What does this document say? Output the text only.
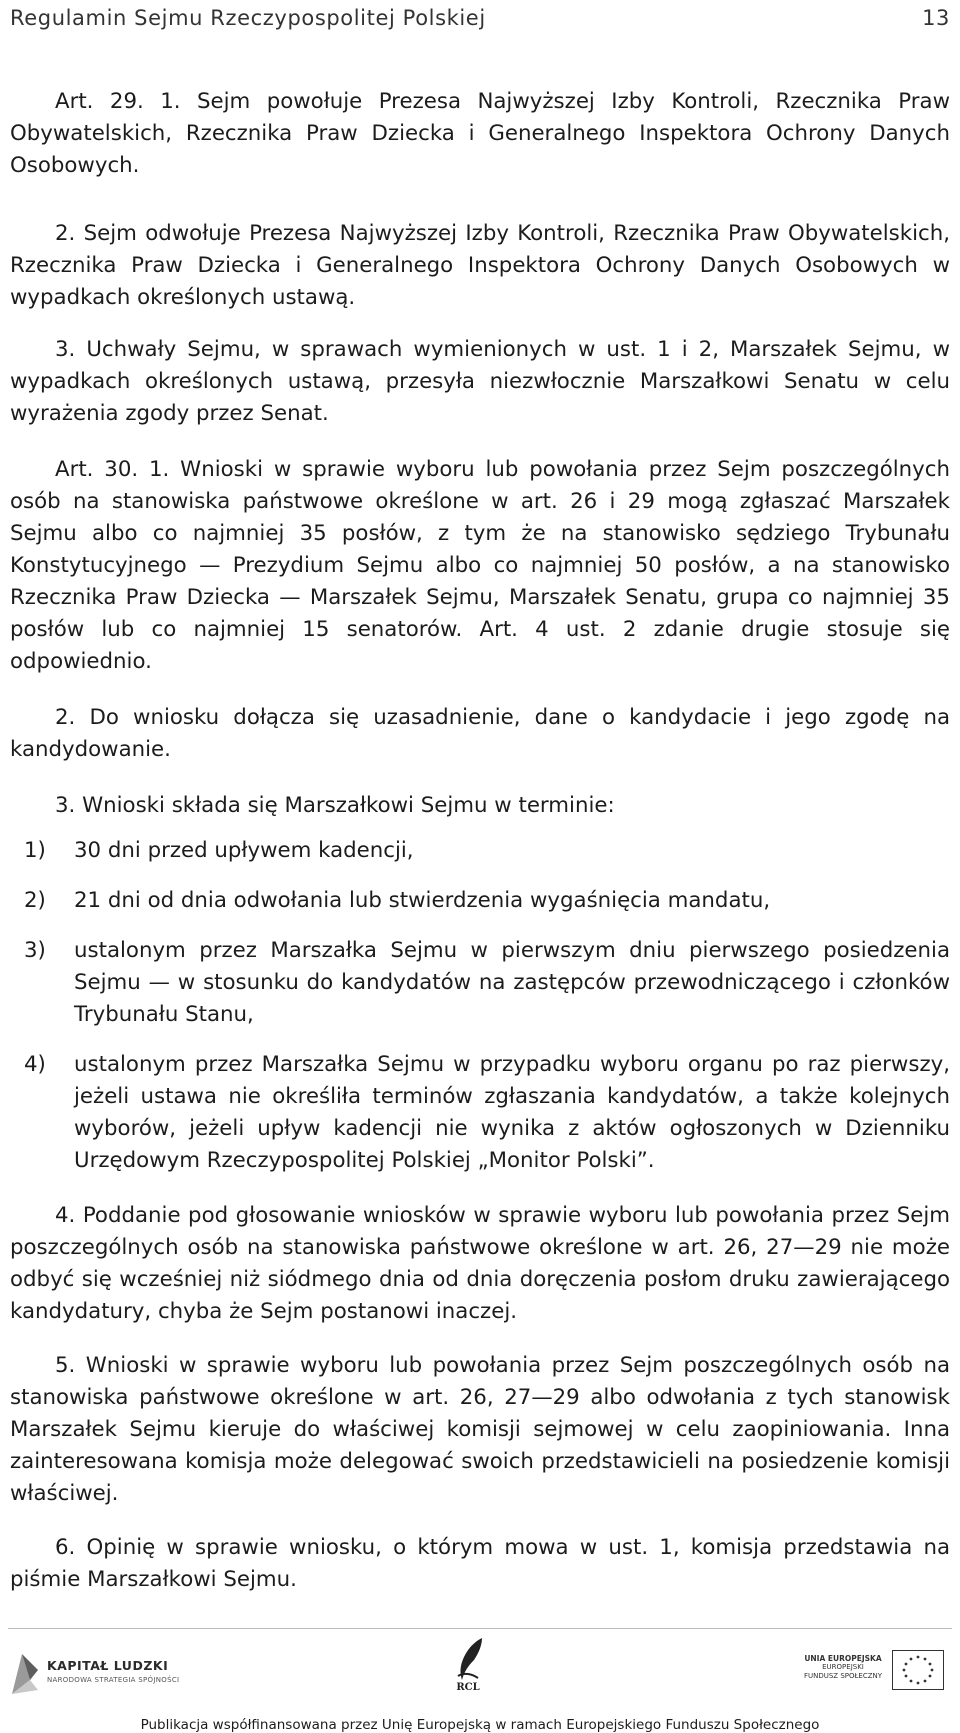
Regulamin Sejmu Rzeczypospolitej Polskiej	13

Art. 29. 1. Sejm powołuje Prezesa Najwyższej Izby Kontroli, Rzecznika Praw Obywatelskich, Rzecznika Praw Dziecka i Generalnego Inspektora Ochrony Danych Osobowych.

2. Sejm odwołuje Prezesa Najwyższej Izby Kontroli, Rzecznika Praw Obywatelskich, Rzecznika Praw Dziecka i Generalnego Inspektora Ochrony Danych Osobowych w wypadkach określonych ustawą.

3. Uchwały Sejmu, w sprawach wymienionych w ust. 1 i 2, Marszałek Sejmu, w wypadkach określonych ustawą, przesyła niezwłocznie Marszałkowi Senatu w celu wyrażenia zgody przez Senat.

Art. 30. 1. Wnioski w sprawie wyboru lub powołania przez Sejm poszczególnych osób na stanowiska państwowe określone w art. 26 i 29 mogą zgłaszać Marszałek Sejmu albo co najmniej 35 posłów, z tym że na stanowisko sędziego Trybunału Konstytucyjnego — Prezydium Sejmu albo co najmniej 50 posłów, a na stanowisko Rzecznika Praw Dziecka — Marszałek Sejmu, Marszałek Senatu, grupa co najmniej 35 posłów lub co najmniej 15 senatorów. Art. 4 ust. 2 zdanie drugie stosuje się odpowiednio.

2. Do wniosku dołącza się uzasadnienie, dane o kandydacie i jego zgodę na kandydowanie.

3. Wnioski składa się Marszałkowi Sejmu w terminie:

1)	30 dni przed upływem kadencji,
2)	21 dni od dnia odwołania lub stwierdzenia wygaśnięcia mandatu,
3)	ustalonym przez Marszałka Sejmu w pierwszym dniu pierwszego posiedzenia Sejmu — w stosunku do kandydatów na zastępców przewodniczącego i członków Trybunału Stanu,
4)	ustalonym przez Marszałka Sejmu w przypadku wyboru organu po raz pierwszy, jeżeli ustawa nie określiła terminów zgłaszania kandydatów, a także kolejnych wyborów, jeżeli upływ kadencji nie wynika z aktów ogłoszonych w Dzienniku Urzędowym Rzeczypospolitej Polskiej „Monitor Polski”.

4. Poddanie pod głosowanie wniosków w sprawie wyboru lub powołania przez Sejm poszczególnych osób na stanowiska państwowe określone w art. 26, 27—29 nie może odbyć się wcześniej niż siódmego dnia od dnia doręczenia posłom druku zawierającego kandydatury, chyba że Sejm postanowi inaczej.

5. Wnioski w sprawie wyboru lub powołania przez Sejm poszczególnych osób na stanowiska państwowe określone w art. 26, 27—29 albo odwołania z tych stanowisk Marszałek Sejmu kieruje do właściwej komisji sejmowej w celu zaopiniowania. Inna zainteresowana komisja może delegować swoich przedstawicieli na posiedzenie komisji właściwej.

6. Opinię w sprawie wniosku, o którym mowa w ust. 1, komisja przedstawia na piśmie Marszałkowi Sejmu.

KAPITAŁ LUDZKI
NARODOWA STRATEGIA SPÓJNOŚCI
RCL
UNIA EUROPEJSKA
EUROPEJSKI
FUNDUSZ SPOŁECZNY
Publikacja współfinansowana przez Unię Europejską w ramach Europejskiego Funduszu Społecznego
